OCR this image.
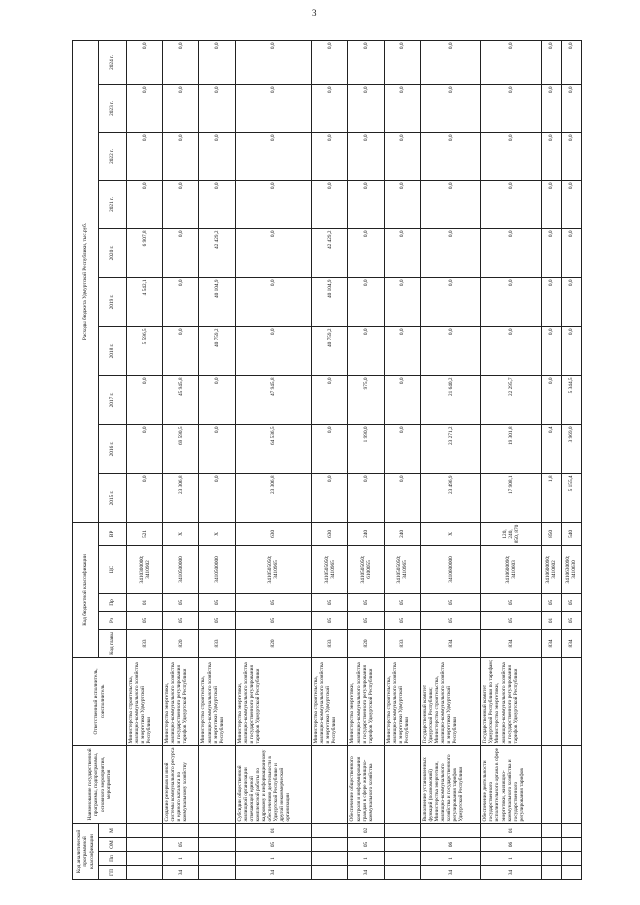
3
Код аналитической программной классификации				Наименование государственной программы, подпрограммы, основного мероприятия, мероприятия	Ответственный исполнитель, соисполнитель	Код бюджетной классификации					Расходы бюджета Удмуртской Республики, тыс.руб.									
ГП	Пп	ОМ	М			Код главы	Рз	Пр	ЦС	ВР	2015 г.	2016 г.	2017 г.	2018 г.	2019 г.	2020 г.	2021 г.	2022 г.	2023 г.	2024 г.

					Министерство строительства, жилищно-коммунального хозяйства и энергетики Удмуртской Республики	833	05	01	3410300000; 3410902	521	0,0	0,0	0,0	5 596,5	4 542,1	6 907,8	0,0	0,0	0,0	0,0
34	1	05		Создание резервов и иной системы коммунального ресурса и единого каталога по коммунальному хозяйству	Министерство энергетики, жилищно-коммунального хозяйства и государственного регулирования тарифов Удмуртской Республики	820	05	05	3410500000	X	23 306,8	69 590,5	45 945,8	0,0	0,0	0,0	0,0	0,0	0,0	0,0
					Министерство строительства, жилищно-коммунального хозяйства и энергетики Удмуртской Республики	833	05	05	3410500000	X	0,0	0,0	0,0	40 759,2	40 104,9	42 429,2	0,0	0,0	0,0	0,0
34	1	05	01	Субсидии общественной жилищной организации отвечающей единой комплексной работы по кадровому и информационному обеспечению деятельности в Удмуртской Республике и другой некоммерческой организации	Министерство энергетики, жилищно-коммунального хозяйства и государственного регулирования тарифов Удмуртской Республики	820	05	05	3410505050; 3410965	630	23 306,8	64 536,5	47 945,8	0,0	0,0	0,0	0,0	0,0	0,0	0,0
					Министерство строительства, жилищно-коммунального хозяйства и энергетики Удмуртской Республики	833	05	05	3410505050; 3410965	630	0,0	0,0	0,0	40 759,2	40 104,9	42 429,2	0,0	0,0	0,0	0,0
34	1	05	02	Обеспечение общественного контроля и информирования граждан в сфере жилищно-коммунального хозяйства	Министерство энергетики, жилищно-коммунального хозяйства и государственного регулирования тарифов Удмуртской Республики	820	05	05	3410505050; 6100055	240	0,0	1 990,0	975,0	0,0	0,0	0,0	0,0	0,0	0,0	0,0
					Министерство строительства, жилищно-коммунального хозяйства и энергетики Удмуртской Республики	833	05	05	3410505050; 3410965	240	0,0	0,0	0,0	0,0	0,0	0,0	0,0	0,0	0,0	0,0
34	1	06		Выполнение установленных функций (полномочий) Министерства энергетики, жилищно-коммунального хозяйства и государственного регулирования тарифов Удмуртской Республики	Государственный комитет Удмуртской Республики; Министерство строительства, жилищно-коммунального хозяйства и энергетики Удмуртской Республики	834	05	05	3410600000	X	23 496,9	23 271,2	21 640,2	0,0	0,0	0,0	0,0	0,0	0,0	0,0
34	1	06	01	Обеспечение деятельности государственного исполнительного органа в сфере энергетики, жилищно-коммунального хозяйства и государственного регулирования тарифов	Государственный комитет Удмуртской Республики по тарифам; Министерство энергетики, жилищно-коммунального хозяйства и государственного регулирования тарифов Удмуртской Республики	834	05	05	3410600090; 3410603	120, 240, 850, 870	17 908,1	19 301,8	22 295,7	0,0	0,0	0,0	0,0	0,0	0,0	0,0
						834	01	05	3410600090; 3410602	850	1,8	0,4	0,0	0,0	0,0	0,0	0,0	0,0	0,0	0,0
						834	05	05	3410630090; 3410630	540	5 155,4	3 969,0	5 344,5	0,0	0,0	0,0	0,0	0,0	0,0	0,0
